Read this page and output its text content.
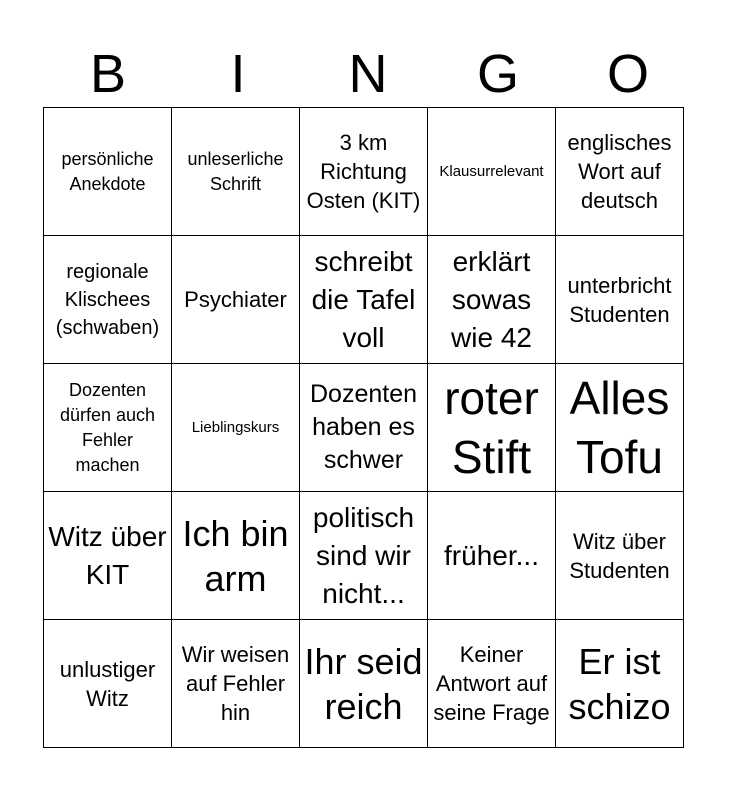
B	I	N	G	O
persönliche Anekdote	unleserliche Schrift	3 km Richtung Osten (KIT)	Klausurrelevant	englisches Wort auf deutsch
regionale Klischees (schwaben)	Psychiater	schreibt die Tafel voll	erklärt sowas wie 42	unterbricht Studenten
Dozenten dürfen auch Fehler machen	Lieblingskurs	Dozenten haben es schwer	roter Stift	Alles Tofu
Witz über KIT	Ich bin arm	politisch sind wir nicht...	früher...	Witz über Studenten
unlustiger Witz	Wir weisen auf Fehler hin	Ihr seid reich	Keiner Antwort auf seine Frage	Er ist schizo
